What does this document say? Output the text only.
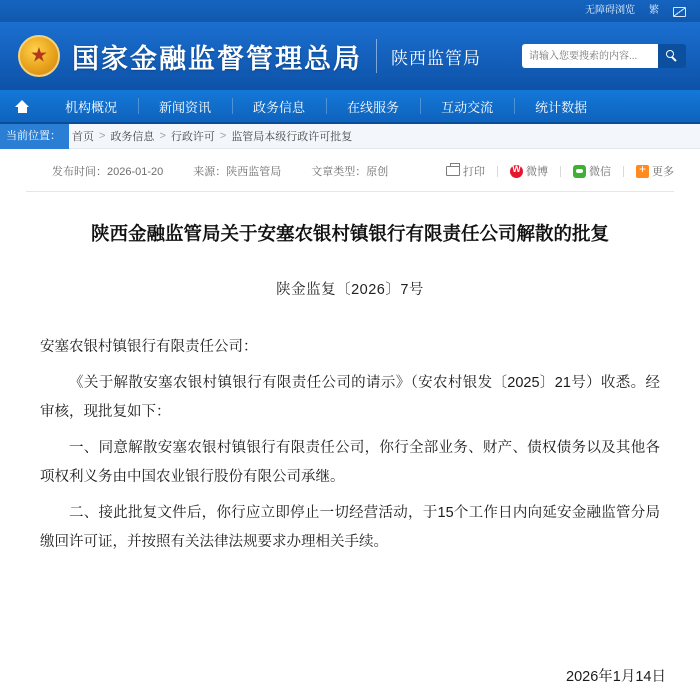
无障碍浏览 繁
★
国家金融监督管理总局 陕西监管局
请输入您要搜索的内容...
机构概况	新闻资讯	政务信息	在线服务	互动交流	统计数据
当前位置：	首页 > 政务信息 > 行政许可 > 监管局本级行政许可批复
发布时间：2026-01-20	来源：陕西监管局	文章类型：原创	打印
W	微博	微信
+	更多
陕西金融监管局关于安塞农银村镇银行有限责任公司解散的批复
陕金监复〔2026〕7号

安塞农银村镇银行有限责任公司：

《关于解散安塞农银村镇银行有限责任公司的请示》（安农村银发〔2025〕21号）收悉。经审核，现批复如下：

一、同意解散安塞农银村镇银行有限责任公司，你行全部业务、财产、债权债务以及其他各项权利义务由中国农业银行股份有限公司承继。

二、接此批复文件后，你行应立即停止一切经营活动，于15个工作日内向延安金融监管分局缴回许可证，并按照有关法律法规要求办理相关手续。

2026年1月14日
